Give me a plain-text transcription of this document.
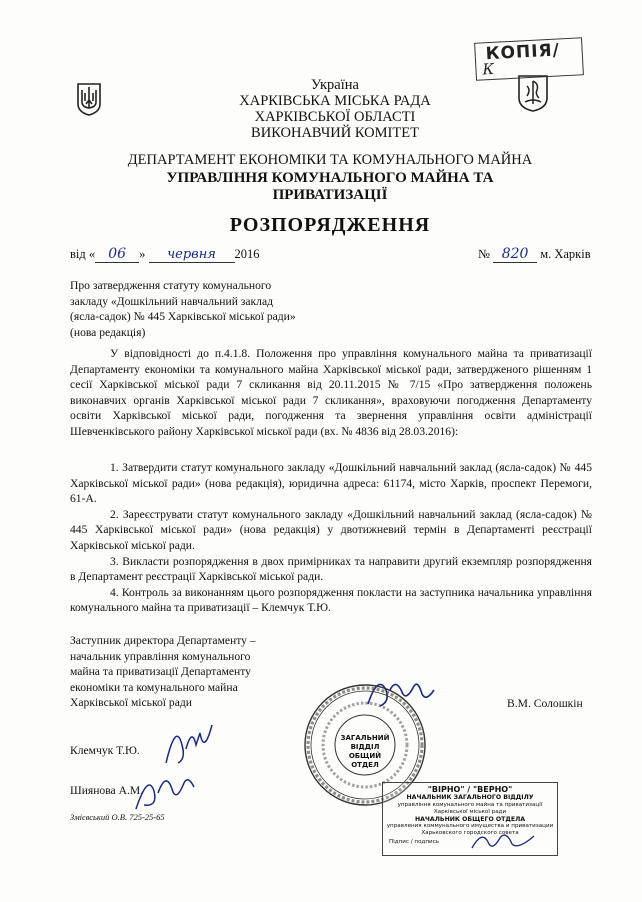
КОПІЯ/
К
Україна
ХАРКІВСЬКА МІСЬКА РАДА
ХАРКІВСЬКОЇ ОБЛАСТІ
ВИКОНАВЧИЙ КОМІТЕТ
ДЕПАРТАМЕНТ ЕКОНОМІКИ ТА КОМУНАЛЬНОГО МАЙНА
УПРАВЛІННЯ КОМУНАЛЬНОГО МАЙНА ТА
ПРИВАТИЗАЦІЇ
РОЗПОРЯДЖЕННЯ
від « 06 » червня 2016	№ 820 м. Харків
Про затвердження статуту комунального
закладу «Дошкільний навчальний заклад
(ясла-садок) № 445 Харківської міської ради»
(нова редакція)
У відповідності до п.4.1.8. Положення про управління комунального майна та приватизації Департаменту економіки та комунального майна Харківської міської ради, затвердженого рішенням 1 сесії Харківської міської ради 7 скликання від 20.11.2015 № 7/15 «Про затвердження положень виконавчих органів Харківської міської ради 7 скликання», враховуючи погодження Департаменту освіти Харківської міської ради, погодження та звернення управління освіти адміністрації Шевченківського району Харківської міської ради (вх. № 4836 від 28.03.2016):

1. Затвердити статут комунального закладу «Дошкільний навчальний заклад (ясла-садок) № 445 Харківської міської ради» (нова редакція), юридична адреса: 61174, місто Харків, проспект Перемоги, 61-А.

2. Зареєструвати статут комунального закладу «Дошкільний навчальний заклад (ясла-садок) № 445 Харківської міської ради» (нова редакція) у двотижневий термін в Департаменті реєстрації Харківської міської ради.

3. Викласти розпорядження в двох примірниках та направити другий екземпляр розпорядження в Департамент реєстрації Харківської міської ради.

4. Контроль за виконанням цього розпорядження покласти на заступника начальника управління комунального майна та приватизації – Клемчук Т.Ю.

Заступник директора Департаменту –
начальник управління комунального
майна та приватизації Департаменту
економіки та комунального майна
Харківської міської ради	В.М. Солошкін
Клемчук Т.Ю.
Шиянова А.М.
Змієвський О.В. 725-25-65
ЗАГАЛЬНИЙ
ВІДДІЛ
ОБЩИЙ ОТДЕЛ
"ВІРНО" / "ВЕРНО"
НАЧАЛЬНИК ЗАГАЛЬНОГО ВІДДІЛУ
управління комунального майна та приватизації
Харківської міської ради
НАЧАЛЬНИК ОБЩЕГО ОТДЕЛА
управления коммунального имущества и приватизации
Харьковского городского совета
Підпис / подпись
